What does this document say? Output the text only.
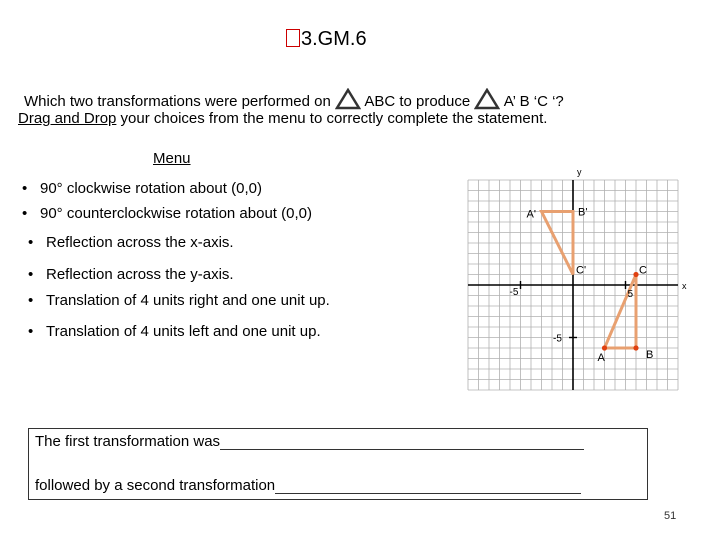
3.GM.6
Which two transformations were performed on ABC to produce A’ B ‘C ‘?
Drag and Drop your choices from the menu to correctly complete the statement.
Menu
• 90° clockwise rotation about (0,0)
• 90° counterclockwise rotation about (0,0)
• Reflection across the x-axis.
• Reflection across the y-axis.
• Translation of 4 units right and one unit up.
• Translation of 4 units left and one unit up.
y
x
-5	5
-5
A'	B'
C'	C
A	B
The first transformation was
followed by a second transformation
51
